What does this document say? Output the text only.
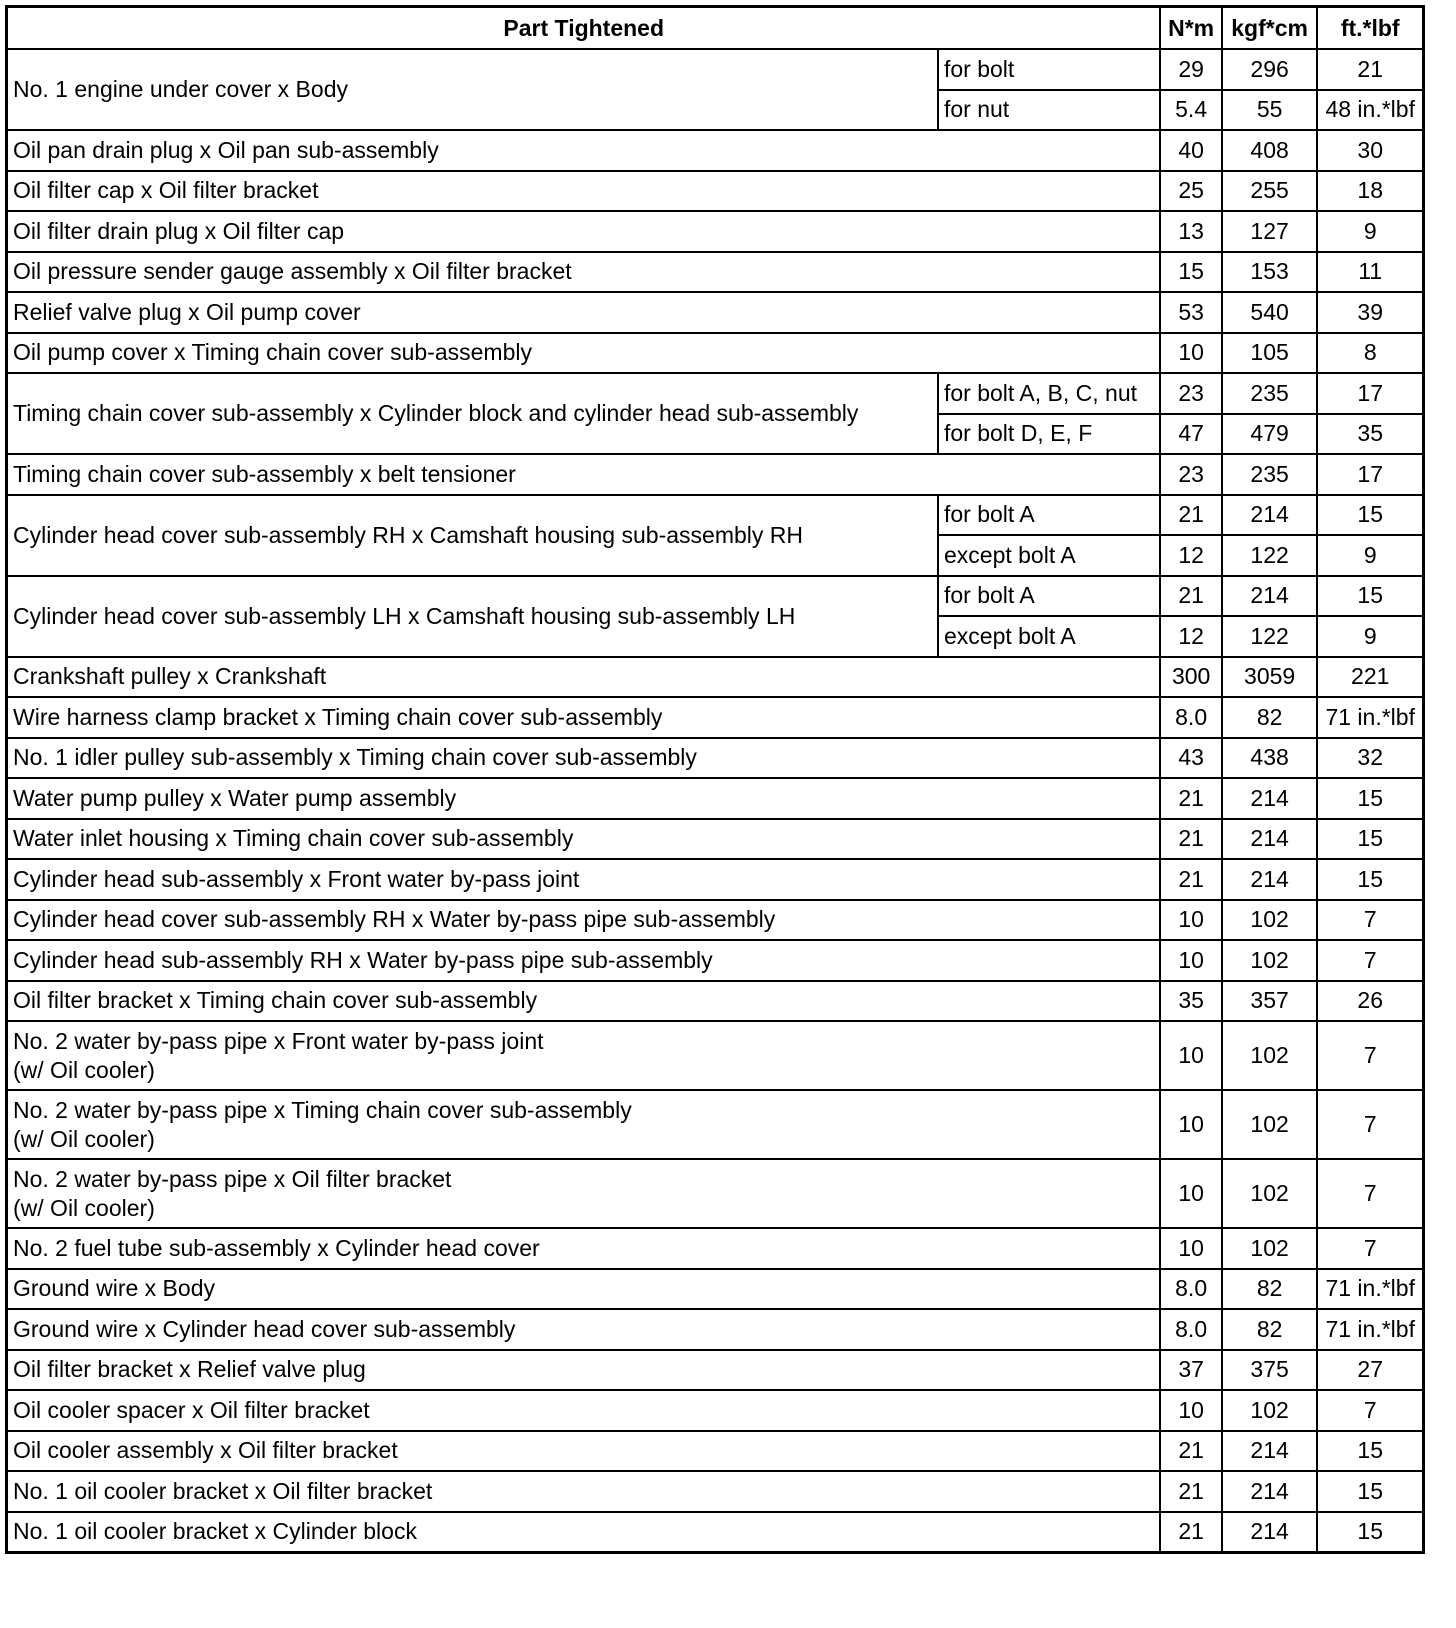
Part Tightened		N*m	kgf*cm	ft.*lbf
No. 1 engine under cover x Body	for bolt	29	296	21
	for nut	5.4	55	48 in.*lbf
Oil pan drain plug x Oil pan sub-assembly		40	408	30
Oil filter cap x Oil filter bracket		25	255	18
Oil filter drain plug x Oil filter cap		13	127	9
Oil pressure sender gauge assembly x Oil filter bracket		15	153	11
Relief valve plug x Oil pump cover		53	540	39
Oil pump cover x Timing chain cover sub-assembly		10	105	8
Timing chain cover sub-assembly x Cylinder block and cylinder head sub-assembly	for bolt A, B, C, nut	23	235	17
	for bolt D, E, F	47	479	35
Timing chain cover sub-assembly x belt tensioner		23	235	17
Cylinder head cover sub-assembly RH x Camshaft housing sub-assembly RH	for bolt A	21	214	15
	except bolt A	12	122	9
Cylinder head cover sub-assembly LH x Camshaft housing sub-assembly LH	for bolt A	21	214	15
	except bolt A	12	122	9
Crankshaft pulley x Crankshaft		300	3059	221
Wire harness clamp bracket x Timing chain cover sub-assembly		8.0	82	71 in.*lbf
No. 1 idler pulley sub-assembly x Timing chain cover sub-assembly		43	438	32
Water pump pulley x Water pump assembly		21	214	15
Water inlet housing x Timing chain cover sub-assembly		21	214	15
Cylinder head sub-assembly x Front water by-pass joint		21	214	15
Cylinder head cover sub-assembly RH x Water by-pass pipe sub-assembly		10	102	7
Cylinder head sub-assembly RH x Water by-pass pipe sub-assembly		10	102	7
Oil filter bracket x Timing chain cover sub-assembly		35	357	26

No. 2 water by-pass pipe x Front water by-pass joint
(w/ Oil cooler)		10	102	7

No. 2 water by-pass pipe x Timing chain cover sub-assembly
(w/ Oil cooler)		10	102	7

No. 2 water by-pass pipe x Oil filter bracket
(w/ Oil cooler)		10	102	7
No. 2 fuel tube sub-assembly x Cylinder head cover		10	102	7
Ground wire x Body		8.0	82	71 in.*lbf
Ground wire x Cylinder head cover sub-assembly		8.0	82	71 in.*lbf
Oil filter bracket x Relief valve plug		37	375	27
Oil cooler spacer x Oil filter bracket		10	102	7
Oil cooler assembly x Oil filter bracket		21	214	15
No. 1 oil cooler bracket x Oil filter bracket		21	214	15
No. 1 oil cooler bracket x Cylinder block		21	214	15
